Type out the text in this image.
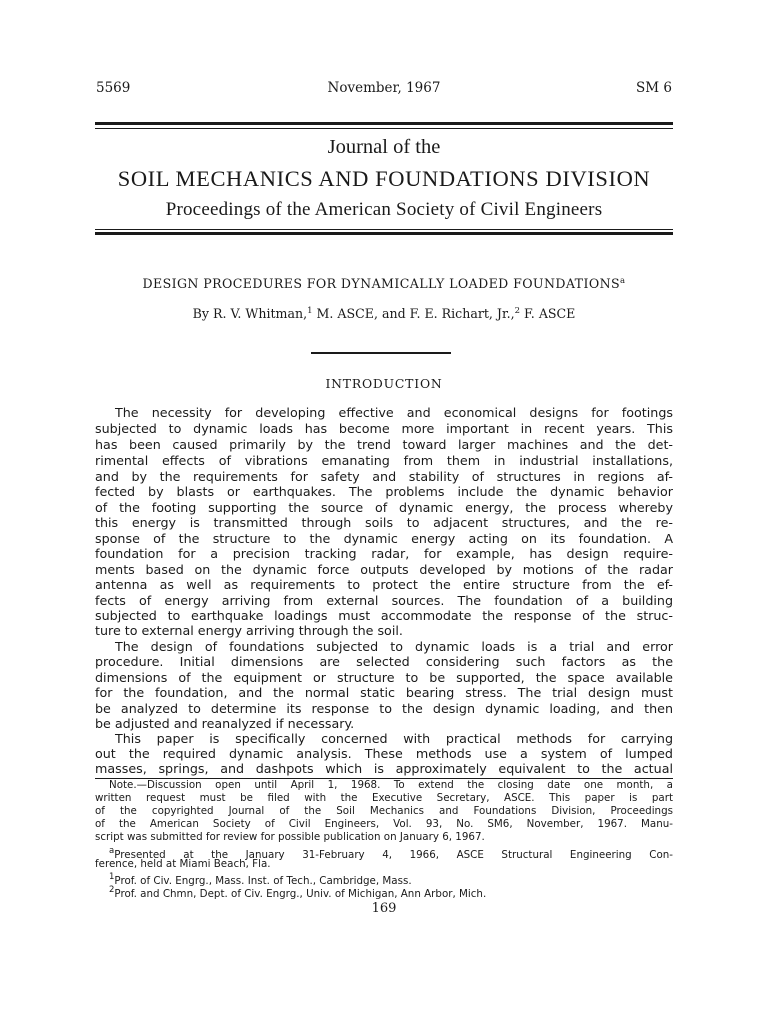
5569	November, 1967	SM 6
Journal of the
SOIL MECHANICS AND FOUNDATIONS DIVISION
Proceedings of the American Society of Civil Engineers
DESIGN PROCEDURES FOR DYNAMICALLY LOADED FOUNDATIONS$^a$
By R. V. Whitman,$^1$ M. ASCE, and F. E. Richart, Jr.,$^2$ F. ASCE
INTRODUCTION
The necessity for developing effective and economical designs for footings
subjected to dynamic loads has become more important in recent years. This
has been caused primarily by the trend toward larger machines and the det-
rimental effects of vibrations emanating from them in industrial installations,
and by the requirements for safety and stability of structures in regions af-
fected by blasts or earthquakes. The problems include the dynamic behavior
of the footing supporting the source of dynamic energy, the process whereby
this energy is transmitted through soils to adjacent structures, and the re-
sponse of the structure to the dynamic energy acting on its foundation. A
foundation for a precision tracking radar, for example, has design require-
ments based on the dynamic force outputs developed by motions of the radar
antenna as well as requirements to protect the entire structure from the ef-
fects of energy arriving from external sources. The foundation of a building
subjected to earthquake loadings must accommodate the response of the struc-
ture to external energy arriving through the soil.
The design of foundations subjected to dynamic loads is a trial and error
procedure. Initial dimensions are selected considering such factors as the
dimensions of the equipment or structure to be supported, the space available
for the foundation, and the normal static bearing stress. The trial design must
be analyzed to determine its response to the design dynamic loading, and then
be adjusted and reanalyzed if necessary.
This paper is specifically concerned with practical methods for carrying
out the required dynamic analysis. These methods use a system of lumped
masses, springs, and dashpots which is approximately equivalent to the actual
Note.—Discussion open until April 1, 1968. To extend the closing date one month, a
written request must be filed with the Executive Secretary, ASCE. This paper is part
of the copyrighted Journal of the Soil Mechanics and Foundations Division, Proceedings
of the American Society of Civil Engineers, Vol. 93, No. SM6, November, 1967. Manu-
script was submitted for review for possible publication on January 6, 1967.
$^a$Presented at the January 31-February 4, 1966, ASCE Structural Engineering Con-
ference, held at Miami Beach, Fla.
$^1$Prof. of Civ. Engrg., Mass. Inst. of Tech., Cambridge, Mass.
$^2$Prof. and Chmn, Dept. of Civ. Engrg., Univ. of Michigan, Ann Arbor, Mich.
169
